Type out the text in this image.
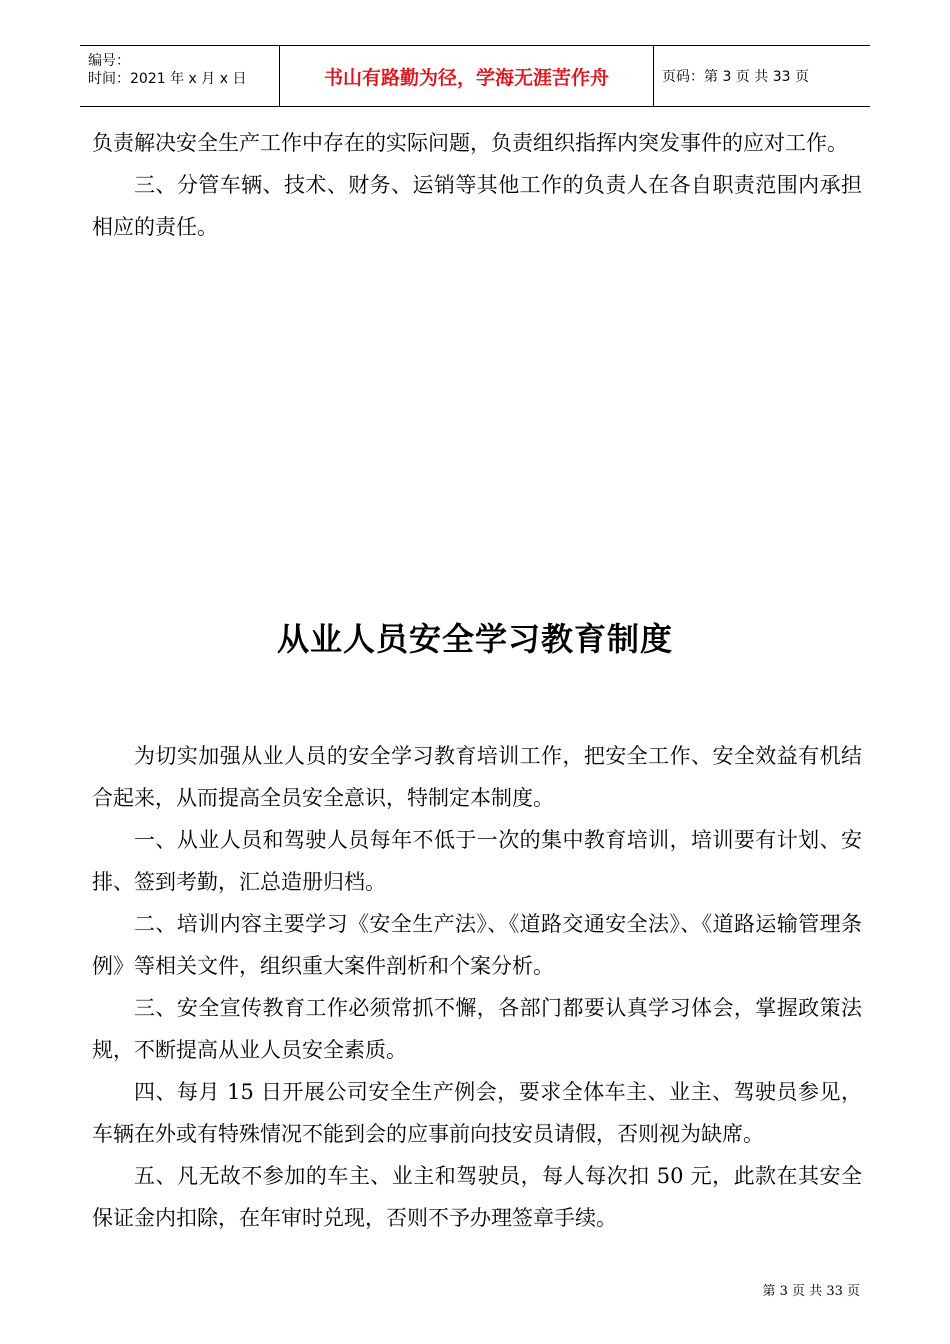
编号：
时间：2021 年 x 月 x 日	书山有路勤为径，学海无涯苦作舟	页码：第 3 页 共 33 页

负责解决安全生产工作中存在的实际问题，负责组织指挥内突发事件的应对工作。

三、分管车辆、技术、财务、运销等其他工作的负责人在各自职责范围内承担相应的责任。

从业人员安全学习教育制度

为切实加强从业人员的安全学习教育培训工作，把安全工作、安全效益有机结合起来，从而提高全员安全意识，特制定本制度。

一、从业人员和驾驶人员每年不低于一次的集中教育培训，培训要有计划、安排、签到考勤，汇总造册归档。

二、培训内容主要学习《安全生产法》、《道路交通安全法》、《道路运输管理条例》等相关文件，组织重大案件剖析和个案分析。

三、安全宣传教育工作必须常抓不懈，各部门都要认真学习体会，掌握政策法规，不断提高从业人员安全素质。

四、每月 15 日开展公司安全生产例会，要求全体车主、业主、驾驶员参见，车辆在外或有特殊情况不能到会的应事前向技安员请假，否则视为缺席。

五、凡无故不参加的车主、业主和驾驶员，每人每次扣 50 元，此款在其安全保证金内扣除，在年审时兑现，否则不予办理签章手续。

第 3 页 共 33 页
